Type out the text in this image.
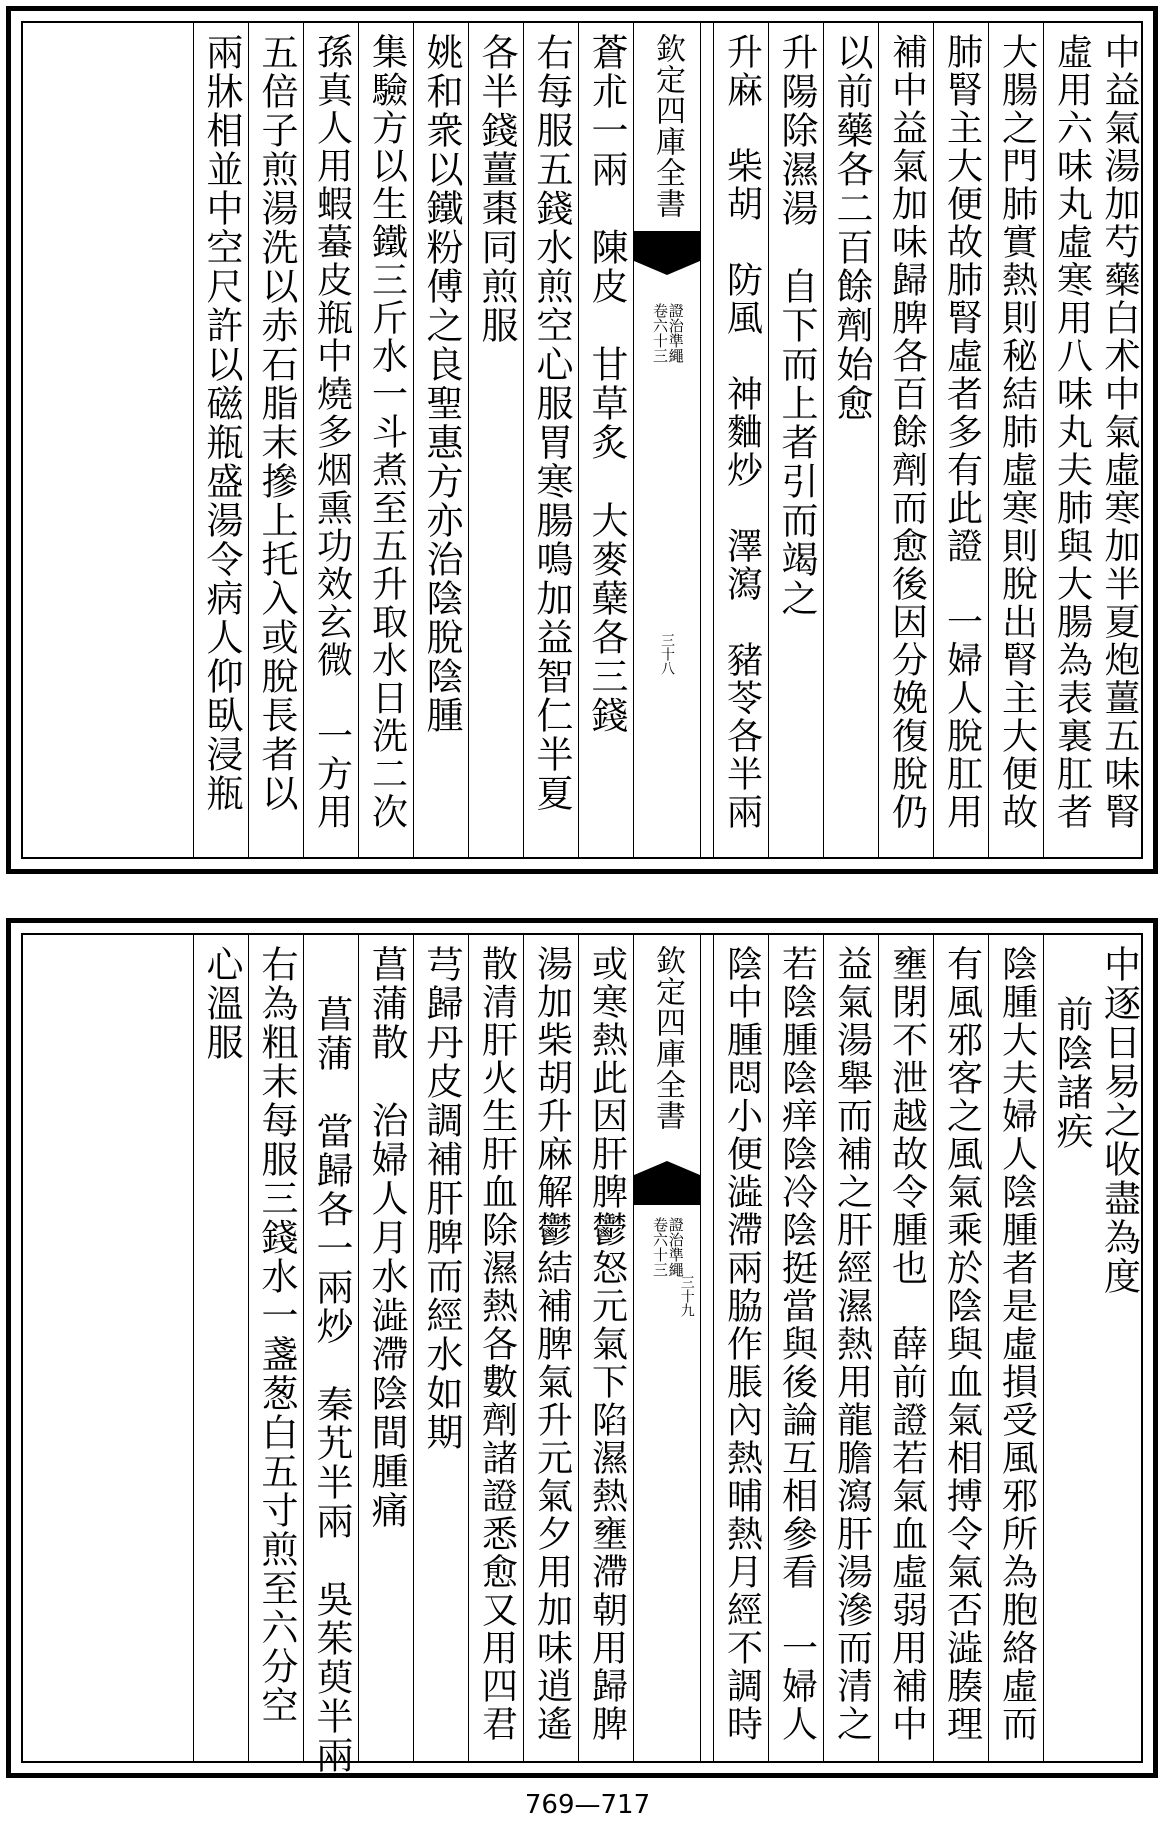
中益氣湯加芍藥白术中氣虛寒加半夏炮薑五味腎
虛用六味丸虛寒用八味丸夫肺與大腸為表裏肛者
大腸之門肺實熱則秘結肺虛寒則脫出腎主大便故
肺腎主大便故肺腎虛者多有此證　一婦人脫肛用
補中益氣加味歸脾各百餘劑而愈後因分娩復脫仍
以前藥各二百餘劑始愈
升陽除濕湯　自下而上者引而竭之
升麻　柴胡　防風　神麯炒　澤瀉　豬苓各半兩
欽定四庫全書
證治準繩
卷六十三
三十八
蒼朮一兩　陳皮　甘草炙　大麥蘖各三錢
右每服五錢水煎空心服胃寒腸鳴加益智仁半夏
各半錢薑棗同煎服
姚和衆以鐵粉傅之良聖惠方亦治陰脫陰腫
集驗方以生鐵三斤水一斗煮至五升取水日洗二次
孫真人用蝦蟇皮瓶中燒多烟熏功效玄微　一方用
五倍子煎湯洗以赤石脂末摻上托入或脫長者以
兩牀相並中空尺許以磁瓶盛湯令病人仰臥浸瓶
中逐日易之收盡為度
前陰諸疾
陰腫大夫婦人陰腫者是虛損受風邪所為胞絡虛而
有風邪客之風氣乘於陰與血氣相搏令氣否澁腠理
壅閉不泄越故令腫也　薛前證若氣血虛弱用補中
益氣湯舉而補之肝經濕熱用龍膽瀉肝湯滲而清之
若陰腫陰痒陰冷陰挺當與後論互相參看　一婦人
陰中腫悶小便澁滯兩脇作脹內熱晡熱月經不調時
欽定四庫全書
證治準繩
卷六十三
三十九
或寒熱此因肝脾鬱怒元氣下陷濕熱壅滯朝用歸脾
湯加柴胡升麻解鬱結補脾氣升元氣夕用加味逍遙
散清肝火生肝血除濕熱各數劑諸證悉愈又用四君
芎歸丹皮調補肝脾而經水如期
菖蒲散　治婦人月水澁滯陰間腫痛
菖蒲　當歸各一兩炒　秦艽半兩　吳茱萸半兩
右為粗末每服三錢水一盞葱白五寸煎至六分空
心溫服
769—717
